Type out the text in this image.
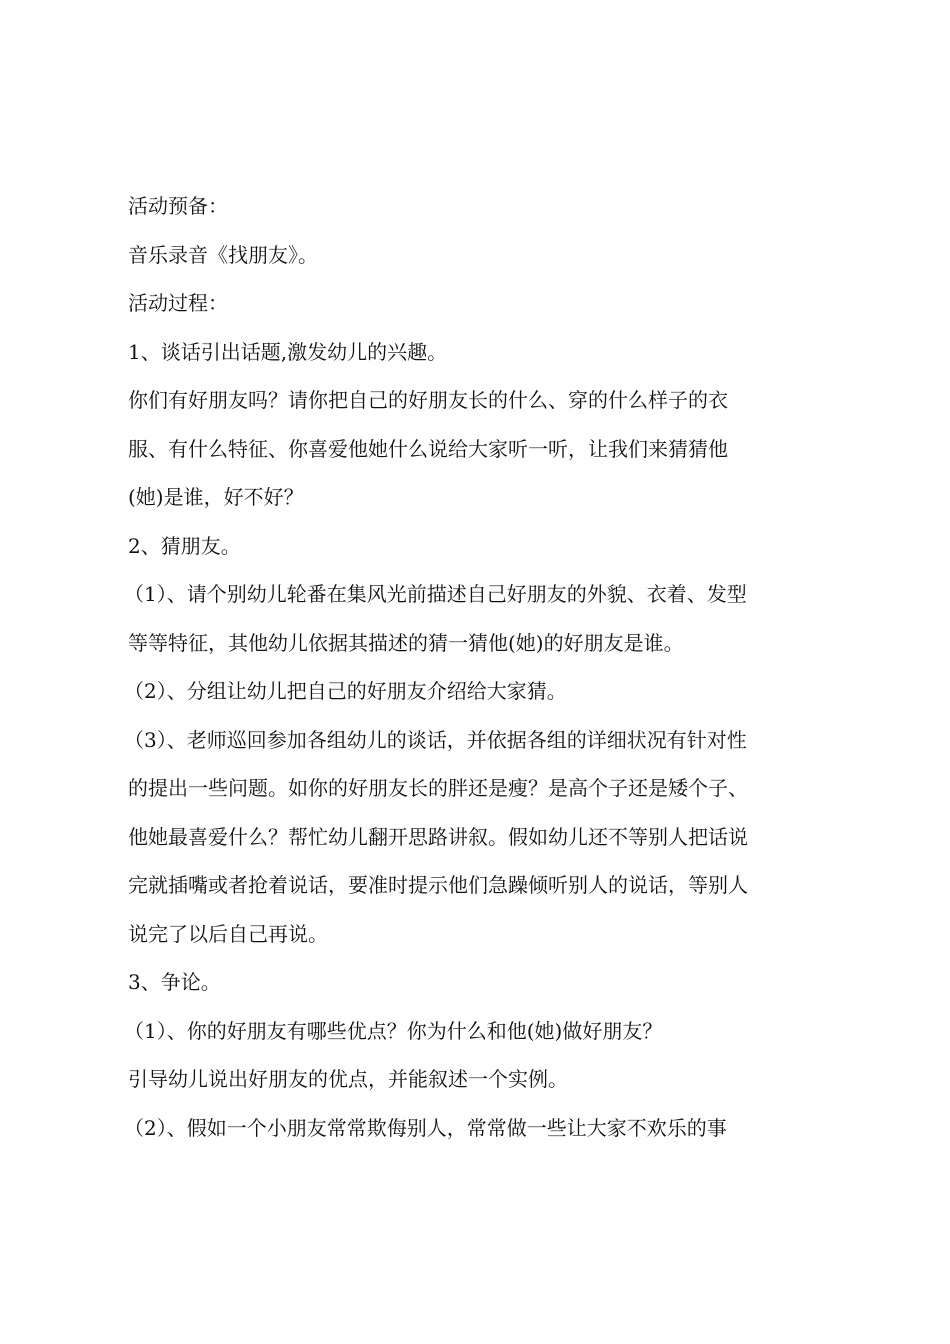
活动预备：
音乐录音《找朋友》。
活动过程：
1、谈话引出话题,激发幼儿的兴趣。
你们有好朋友吗？请你把自己的好朋友长的什么、穿的什么样子的衣
服、有什么特征、你喜爱他她什么说给大家听一听，让我们来猜猜他
(她)是谁，好不好？
2、猜朋友。
（1）、请个别幼儿轮番在集风光前描述自己好朋友的外貌、衣着、发型
等等特征，其他幼儿依据其描述的猜一猜他(她)的好朋友是谁。
（2）、分组让幼儿把自己的好朋友介绍给大家猜。
（3）、老师巡回参加各组幼儿的谈话，并依据各组的详细状况有针对性
的提出一些问题。如你的好朋友长的胖还是瘦？是高个子还是矮个子、
他她最喜爱什么？帮忙幼儿翻开思路讲叙。假如幼儿还不等别人把话说
完就插嘴或者抢着说话，要准时提示他们急躁倾听别人的说话，等别人
说完了以后自己再说。
3、争论。
（1）、你的好朋友有哪些优点？你为什么和他(她)做好朋友？
引导幼儿说出好朋友的优点，并能叙述一个实例。
（2）、假如一个小朋友常常欺侮别人，常常做一些让大家不欢乐的事
